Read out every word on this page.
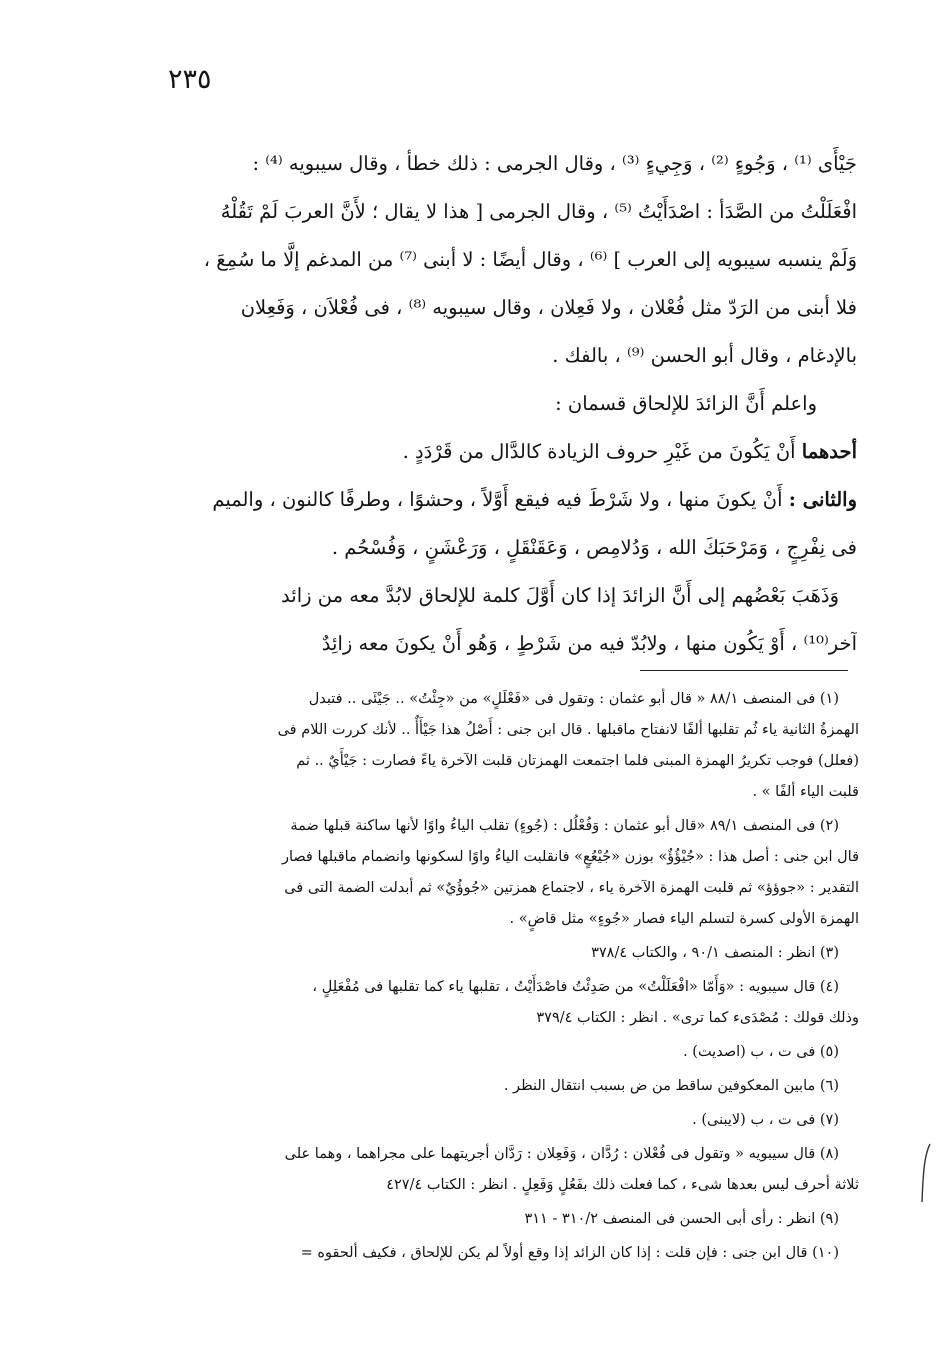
٢٣٥
جَيْأَى ⁽¹⁾ ، وَجُوءٍ ⁽²⁾ ، وَجِيءٍ ⁽³⁾ ، وقال الجرمى : ذلك خطأ ، وقال سيبويه ⁽⁴⁾ :
افْعَلَلْتُ من الصَّدَأ : اصْدَأَيْتُ ⁽⁵⁾ ، وقال الجرمى [ هذا لا يقال ؛ لأَنَّ العربَ لَمْ تَقُلْهُ
وَلَمْ ينسبه سيبويه إلى العرب ] ⁽⁶⁾ ، وقال أيضًا : لا أبنى ⁽⁷⁾ من المدغم إلَّا ما سُمِعَ ،
فلا أبنى من الرَدّ مثل فُعْلان ، ولا فَعِلان ، وقال سيبويه ⁽⁸⁾ ، فى فُعْلاَن ، وَفَعِلان
بالإدغام ، وقال أبو الحسن ⁽⁹⁾ ، بالفك .
واعلم أَنَّ الزائدَ للإلحاق قسمان :
أحدهما أَنْ يَكُونَ من غَيْرِ حروف الزيادة كالدَّال من قَرْدَدٍ .
والثانى : أَنْ يكونَ منها ، ولا شَرْطَ فيه فيقع أَوَّلاً ، وحشوًا ، وطرفًا كالنون ، والميم
فى نِفْرِجٍ ، وَمَرْحَبَكَ الله ، وَدُلامِص ، وَعَقَنْقَلٍ ، وَرَعْشَنٍ ، وَفُسْحُم .
وَذَهَبَ بَعْضُهم إلى أَنَّ الزائدَ إذا كان أَوَّلَ كلمة للإلحاق لابُدَّ معه من زائد
آخر⁽¹⁰⁾ ، أَوْ يَكُون منها ، ولابُدّ فيه من شَرْطٍ ، وَهُو أَنْ يكونَ معه زائِدٌ
(١) فى المنصف ٨٨/١ « قال أبو عثمان : وتقول فى «فَعْلَلٍ» من «جِئْتُ» .. جَيْئَى .. فتبدل
الهمزةُ الثانية ياء ثُم تقلبها ألفًا لانفتاح ماقبلها . قال ابن جنى : أَصْلُ هذا جَيْأَأٌ .. لأنك كررت اللام فى
(فعلل) فوجب تكريرُ الهمزة المبنى فلما اجتمعت الهمزتان قلبت الآخرة ياءً فصارت : جَيْأَيٌ .. ثم
قلبت الياء ألفًا » .
(٢) فى المنصف ٨٩/١ «قال أبو عثمان : وَفُعْلُل : (جُوءٍ) تقلب الياءُ واوًا لأنها ساكنة قبلها ضمة
قال ابن جنى : أصل هذا : «جُيْؤُؤٌ» بوزن «جُيْعُعٍ» فانقلبت الياءُ واوًا لسكونها وانضمام ماقبلها فصار
التقدير : «جوؤؤ» ثم قلبت الهمزة الآخرة ياء ، لاجتماع همزتين «جُوؤُيٌ» ثم أبدلت الضمة التى فى
الهمزة الأولى كسرة لتسلم الياء فصار «جُوءٍ» مثل قاضٍ» .
(٣) انظر : المنصف ٩٠/١ ، والكتاب ٣٧٨/٤
(٤) قال سيبويه : «وَأَمّا «افْعَلَلْتُ» من صَدِئْتُ فاصْدَأَيْتُ ، تقلبها ياء كما تقلبها فى مُفْعَلِلٍ ،
وذلك قولك : مُصْدَىء كما ترى» . انظر : الكتاب ٣٧٩/٤
(٥) فى ت ، ب (اصديت) .
(٦) مابين المعكوفين ساقط من ض بسبب انتقال النظر .
(٧) فى ت ، ب (لايبنى) .
(٨) قال سيبويه « وتقول فى فُعْلان : رُدَّان ، وَفَعِلان : رَدَّان أجريتهما على مجراهما ، وهما على
ثلاثة أحرف ليس بعدها شىء ، كما فعلت ذلك بفَعُلٍ وَفَعِلٍ . انظر : الكتاب ٤٢٧/٤
(٩) انظر : رأى أبى الحسن فى المنصف ٣١٠/٢ - ٣١١
(١٠) قال ابن جنى : فإن قلت : إذا كان الزائد إذا وقع أولاً لم يكن للإلحاق ، فكيف ألحقوه =
